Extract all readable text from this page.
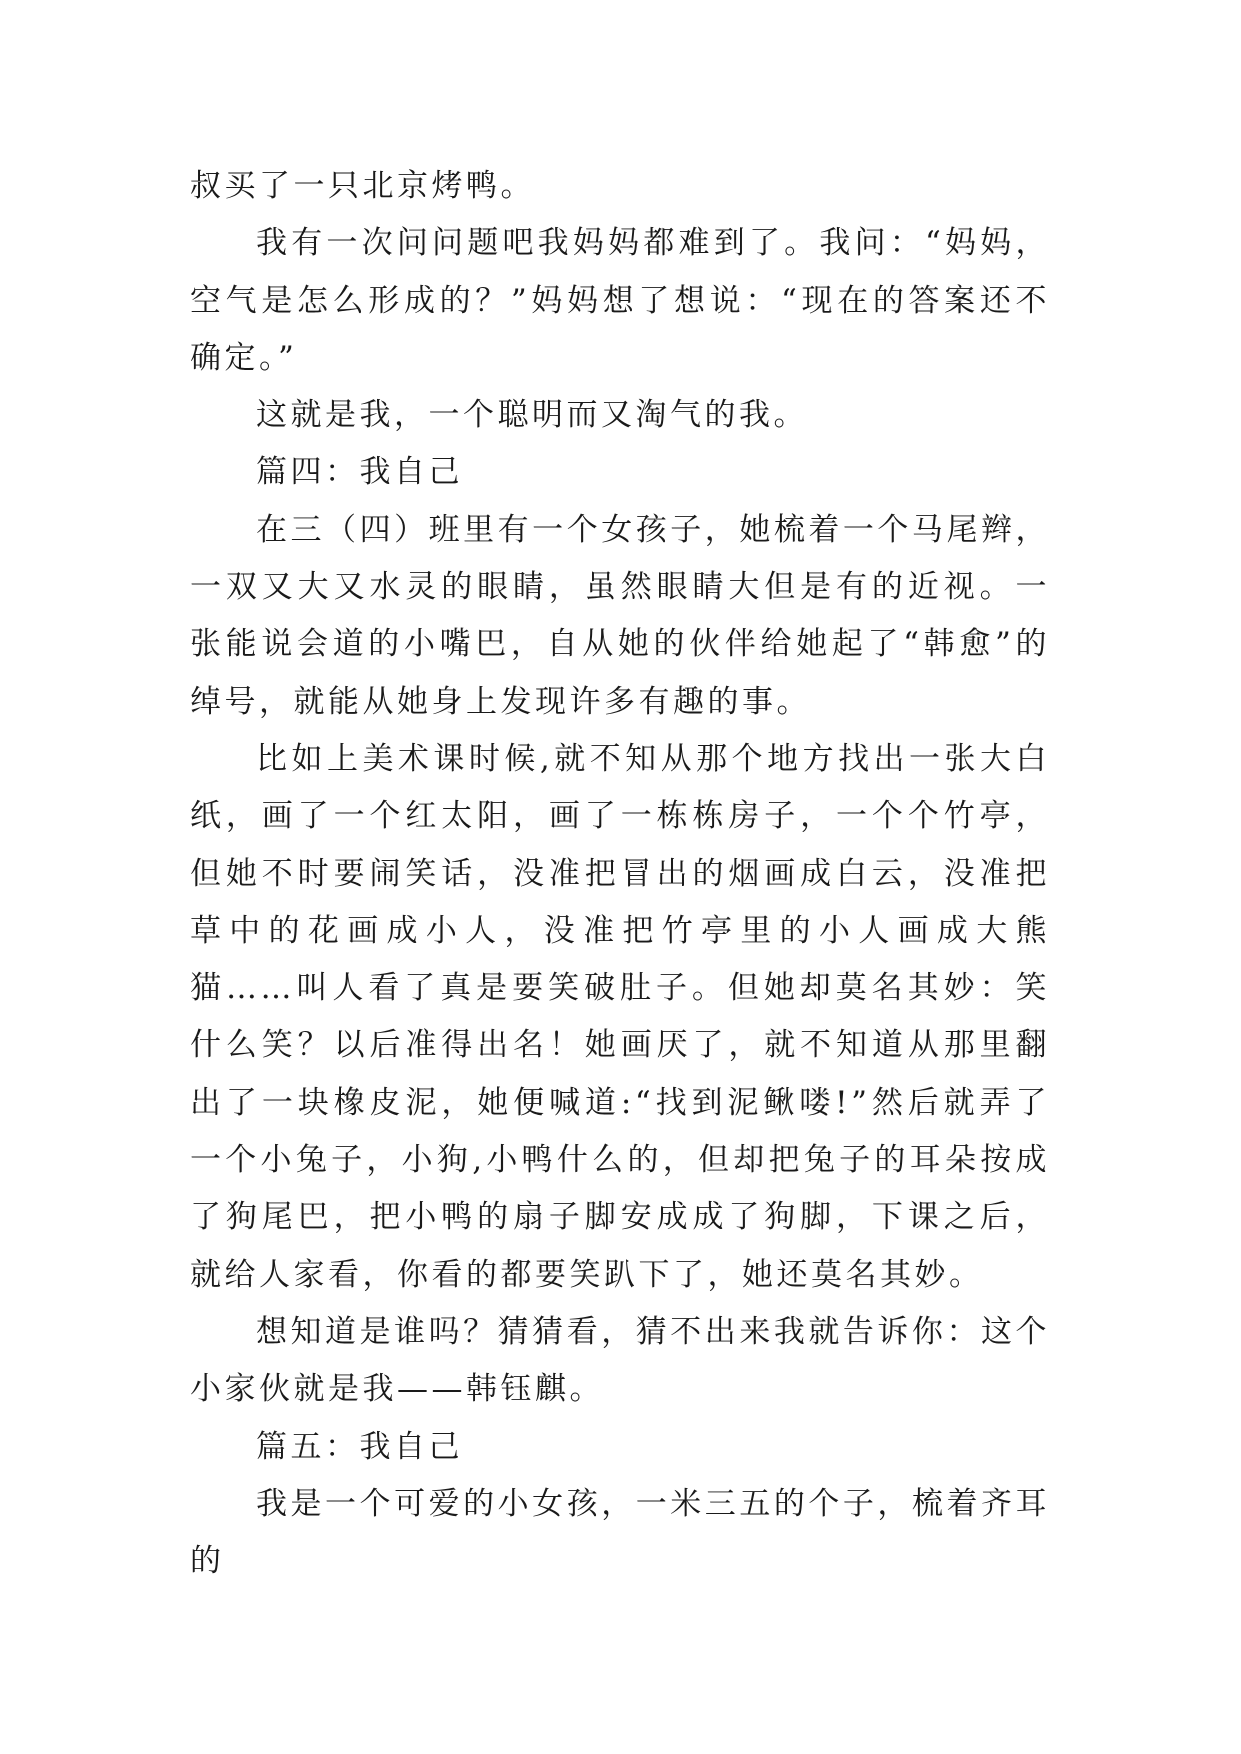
叔买了一只北京烤鸭。

我有一次问问题吧我妈妈都难到了。我问：“妈妈，空气是怎么形成的？”妈妈想了想说：“现在的答案还不确定。”

这就是我，一个聪明而又淘气的我。

篇四：我自己

在三（四）班里有一个女孩子，她梳着一个马尾辫，一双又大又水灵的眼睛，虽然眼睛大但是有的近视。一张能说会道的小嘴巴，自从她的伙伴给她起了“韩愈”的绰号，就能从她身上发现许多有趣的事。

比如上美术课时候,就不知从那个地方找出一张大白纸，画了一个红太阳，画了一栋栋房子，一个个竹亭，但她不时要闹笑话，没准把冒出的烟画成白云，没准把草中的花画成小人，没准把竹亭里的小人画成大熊猫……叫人看了真是要笑破肚子。但她却莫名其妙：笑什么笑？以后准得出名！她画厌了，就不知道从那里翻出了一块橡皮泥，她便喊道:“找到泥鳅喽!”然后就弄了一个小兔子，小狗,小鸭什么的，但却把兔子的耳朵按成了狗尾巴，把小鸭的扇子脚安成成了狗脚，下课之后，就给人家看，你看的都要笑趴下了，她还莫名其妙。

想知道是谁吗？猜猜看，猜不出来我就告诉你：这个小家伙就是我——韩钰麒。

篇五：我自己

我是一个可爱的小女孩，一米三五的个子，梳着齐耳的
